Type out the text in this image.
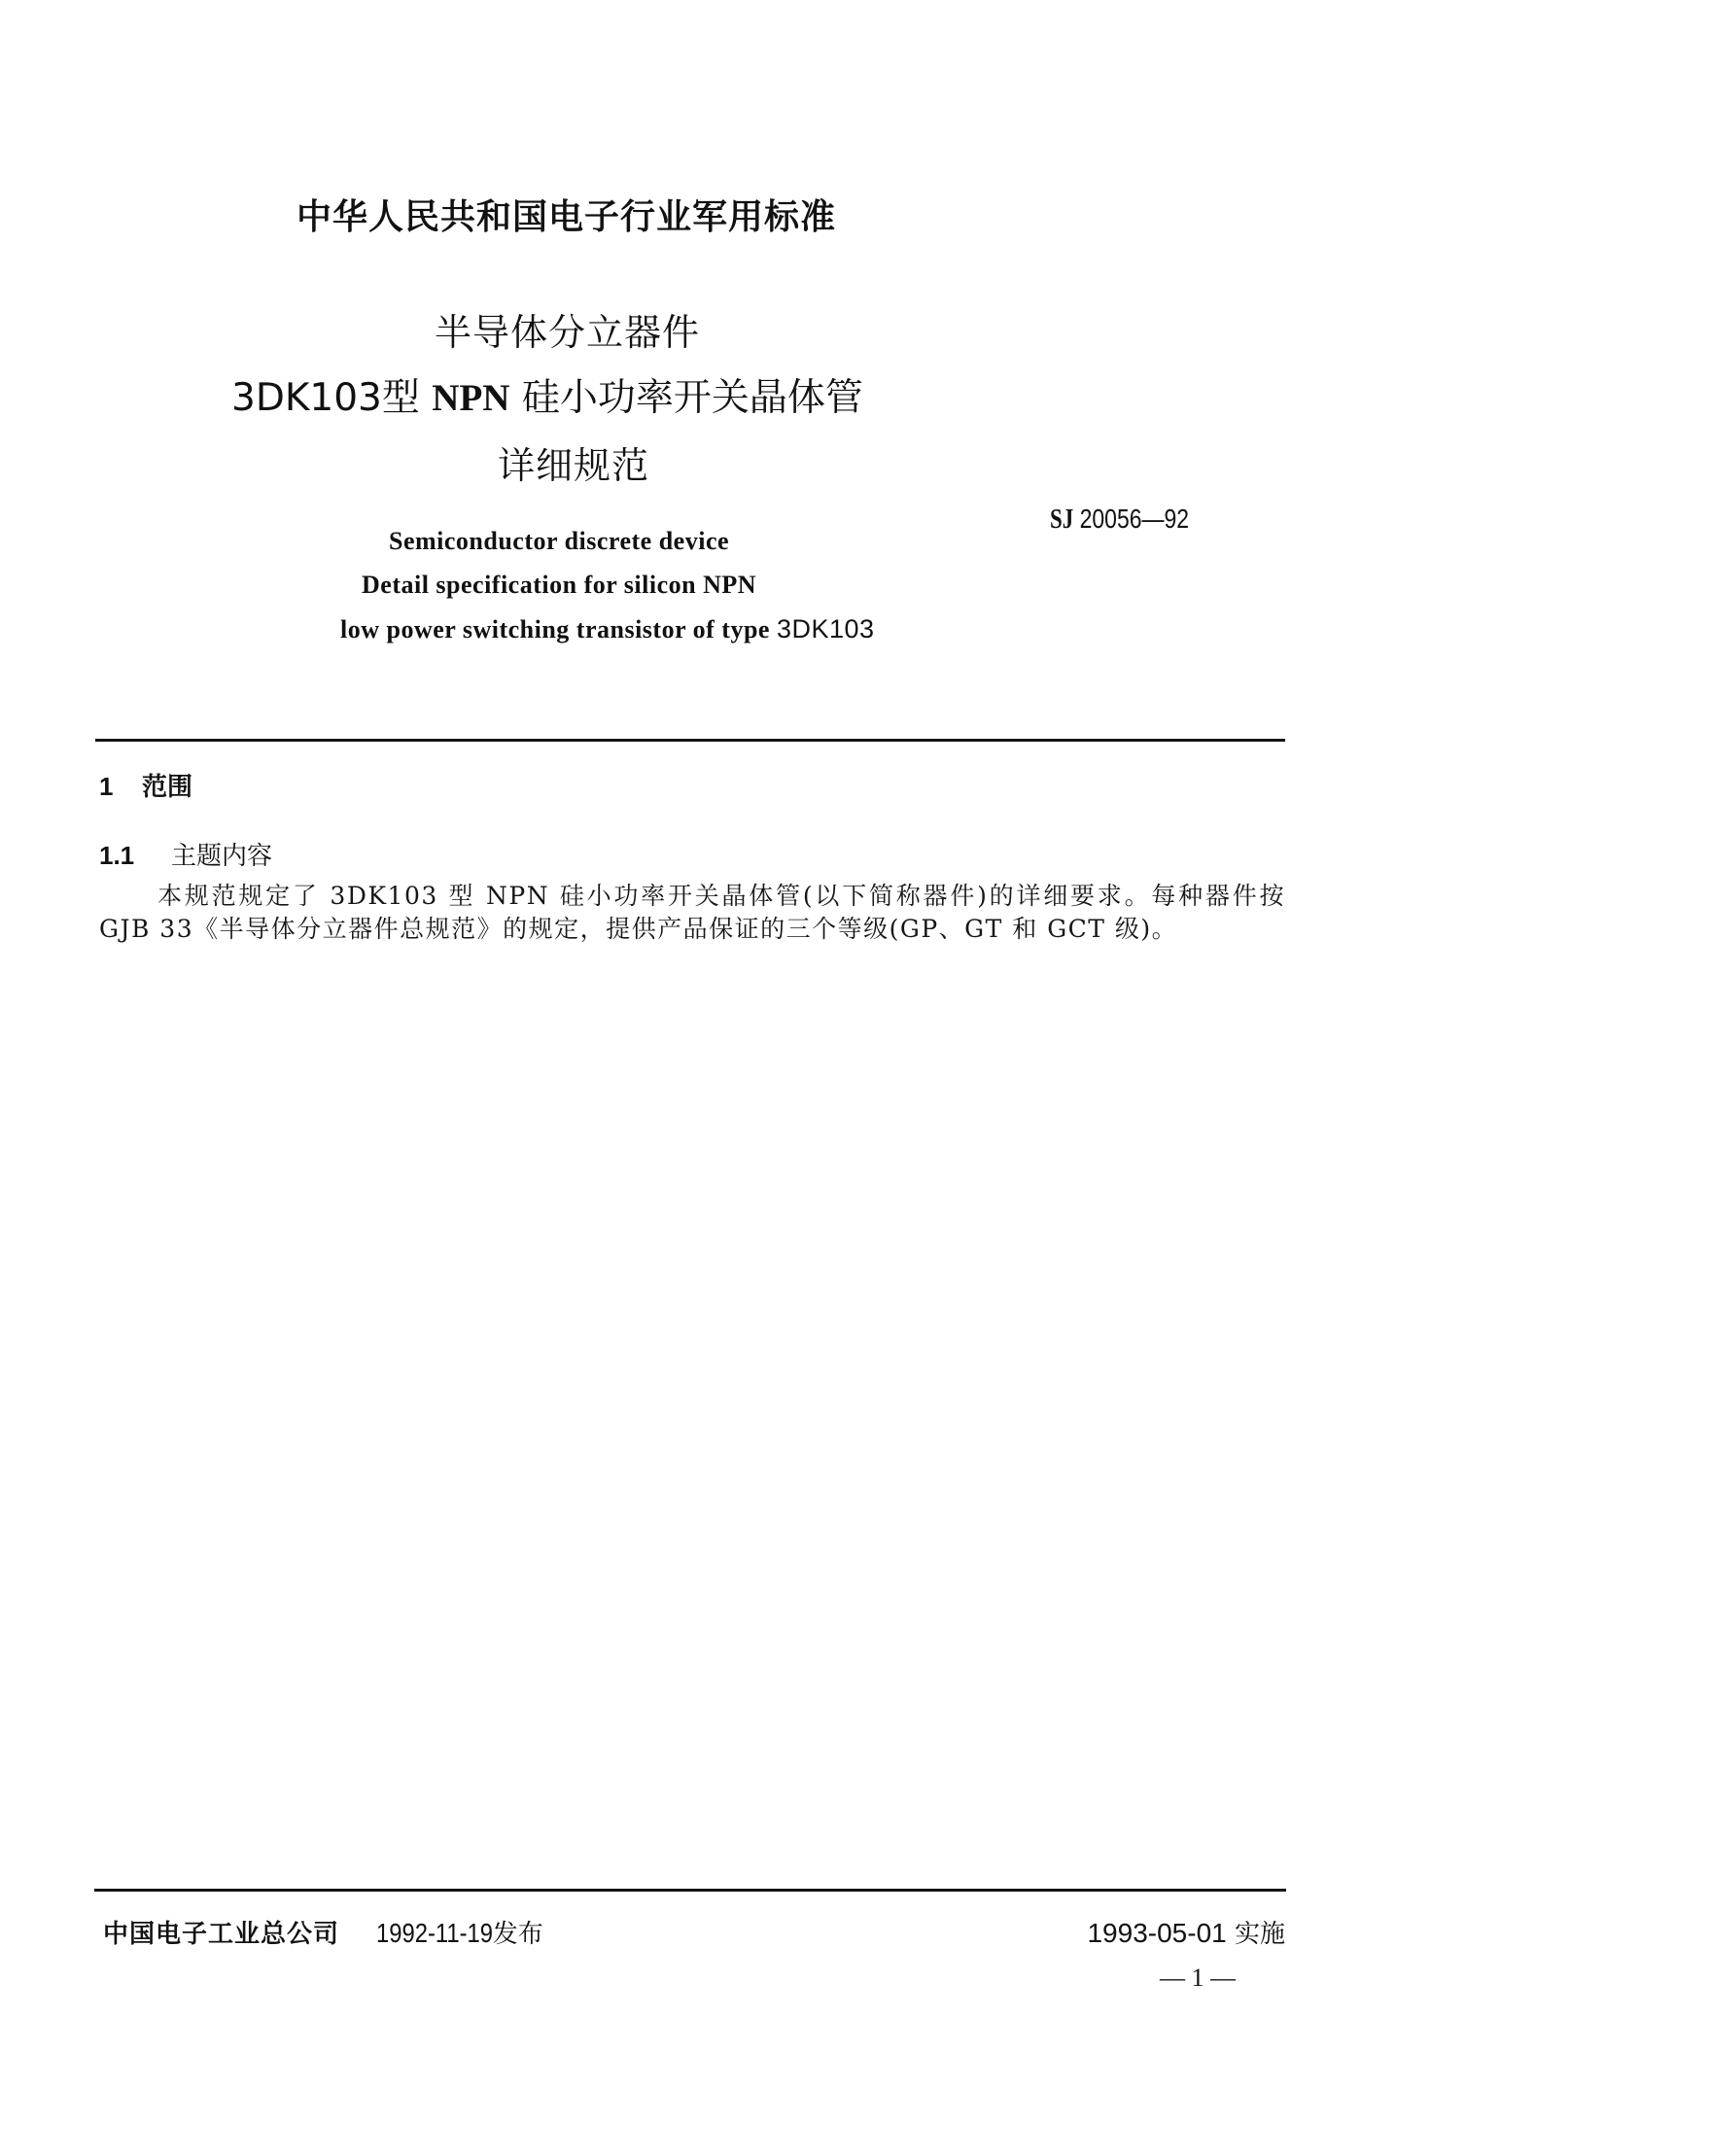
中华人民共和国电子行业军用标准
半导体分立器件
3DK103型 NPN 硅小功率开关晶体管
详细规范
SJ 20056—92
Semiconductor discrete device
Detail specification for silicon NPN
low power switching transistor of type 3DK103
1 范围
1.1 主题内容
本规范规定了 3DK103 型 NPN 硅小功率开关晶体管(以下简称器件)的详细要求。每种器件按 GJB 33《半导体分立器件总规范》的规定，提供产品保证的三个等级(GP、GT 和 GCT 级)。
中国电子工业总公司 1992-11-19 发布	1993-05-01 实施
— 1 —
